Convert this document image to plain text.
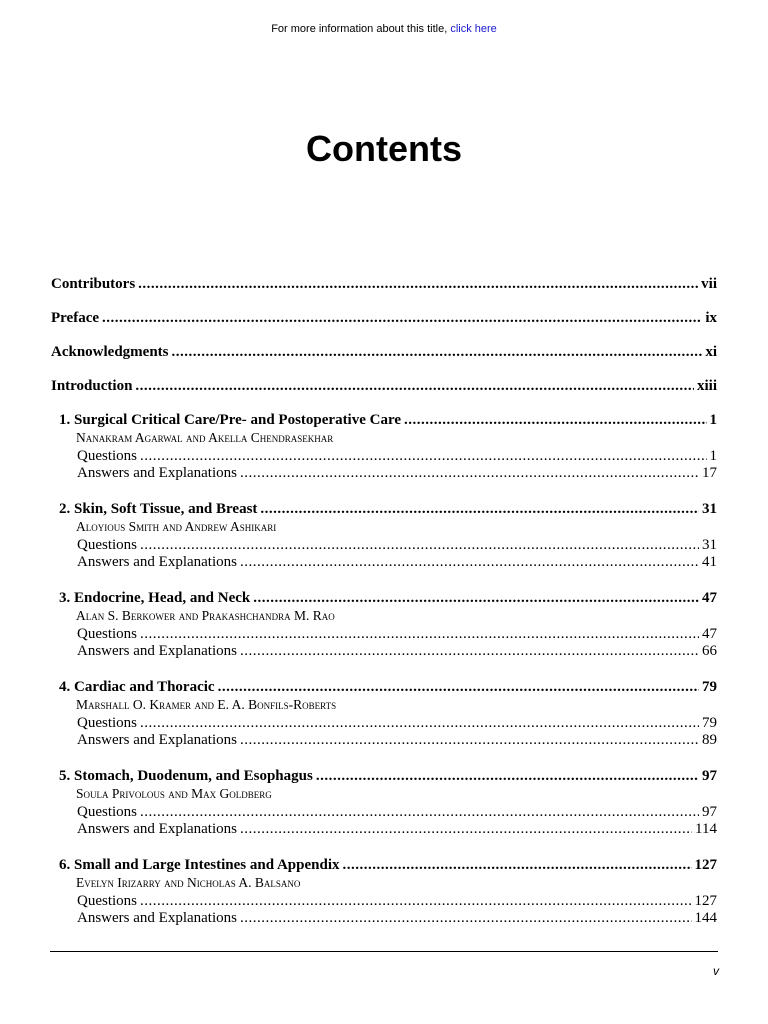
For more information about this title, click here
Contents
Contributors .....	vii
Preface .....	ix
Acknowledgments .....	xi
Introduction .....	xiii
1. Surgical Critical Care/Pre- and Postoperative Care .....	1
Nanakram Agarwal and Akella Chendrasekhar
Questions .....	1
Answers and Explanations .....	17
2. Skin, Soft Tissue, and Breast .....	31
Aloyious Smith and Andrew Ashikari
Questions .....	31
Answers and Explanations .....	41
3. Endocrine, Head, and Neck .....	47
Alan S. Berkower and Prakashchandra M. Rao
Questions .....	47
Answers and Explanations .....	66
4. Cardiac and Thoracic .....	79
Marshall O. Kramer and E. A. Bonfils-Roberts
Questions .....	79
Answers and Explanations .....	89
5. Stomach, Duodenum, and Esophagus .....	97
Soula Privolous and Max Goldberg
Questions .....	97
Answers and Explanations .....	114
6. Small and Large Intestines and Appendix .....	127
Evelyn Irizarry and Nicholas A. Balsano
Questions .....	127
Answers and Explanations .....	144
v
